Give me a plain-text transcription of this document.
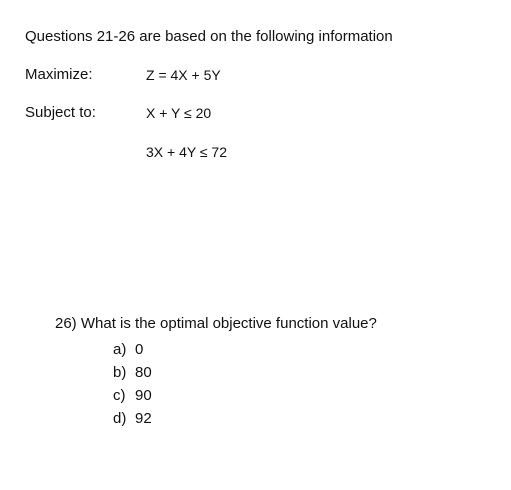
Questions 21-26 are based on the following information
Maximize:	Z = 4X + 5Y
Subject to:	X + Y ≤ 20
3X + 4Y ≤ 72
26) What is the optimal objective function value?
a) 0
b) 80
c) 90
d) 92
